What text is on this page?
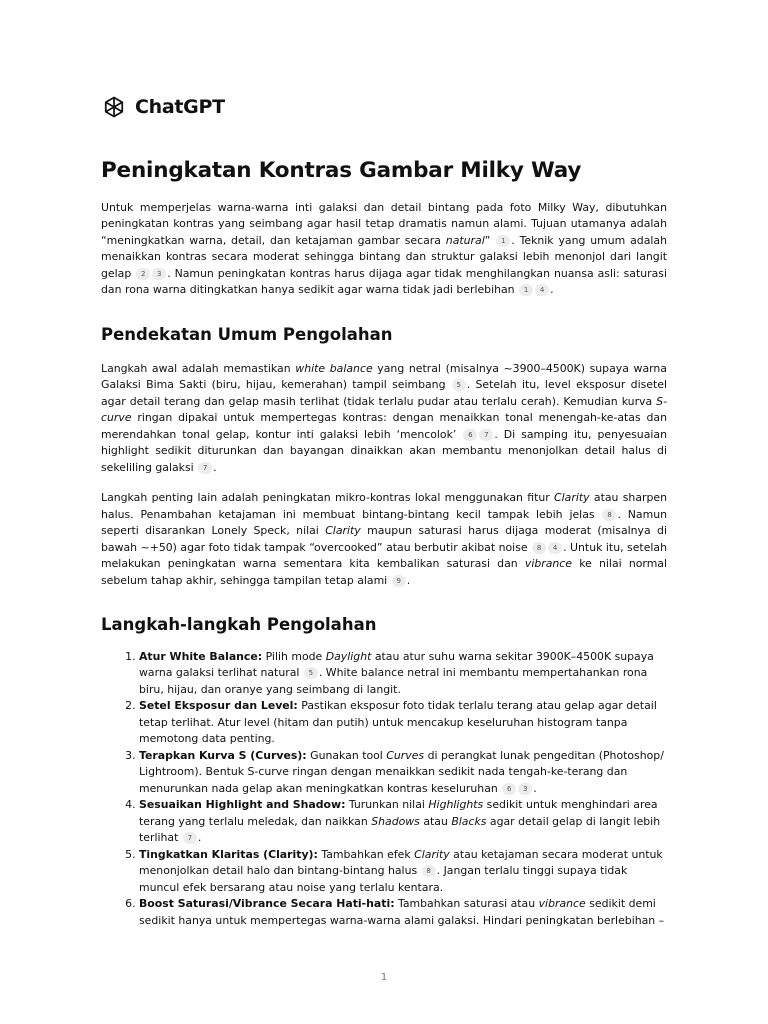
ChatGPT
Peningkatan Kontras Gambar Milky Way

Untuk memperjelas warna-warna inti galaksi dan detail bintang pada foto Milky Way, dibutuhkan peningkatan kontras yang seimbang agar hasil tetap dramatis namun alami. Tujuan utamanya adalah “meningkatkan warna, detail, dan ketajaman gambar secara natural” 1 . Teknik yang umum adalah menaikkan kontras secara moderat sehingga bintang dan struktur galaksi lebih menonjol dari langit gelap 2 3 . Namun peningkatan kontras harus dijaga agar tidak menghilangkan nuansa asli: saturasi dan rona warna ditingkatkan hanya sedikit agar warna tidak jadi berlebihan 1 4 .

Pendekatan Umum Pengolahan

Langkah awal adalah memastikan white balance yang netral (misalnya ~3900–4500K) supaya warna Galaksi Bima Sakti (biru, hijau, kemerahan) tampil seimbang 5 . Setelah itu, level eksposur disetel agar detail terang dan gelap masih terlihat (tidak terlalu pudar atau terlalu cerah). Kemudian kurva S-curve ringan dipakai untuk mempertegas kontras: dengan menaikkan tonal menengah-ke-atas dan merendahkan tonal gelap, kontur inti galaksi lebih ‘mencolok’ 6 7 . Di samping itu, penyesuaian highlight sedikit diturunkan dan bayangan dinaikkan akan membantu menonjolkan detail halus di sekeliling galaksi 7 .

Langkah penting lain adalah peningkatan mikro-kontras lokal menggunakan fitur Clarity atau sharpen halus. Penambahan ketajaman ini membuat bintang-bintang kecil tampak lebih jelas 8 . Namun seperti disarankan Lonely Speck, nilai Clarity maupun saturasi harus dijaga moderat (misalnya di bawah ~+50) agar foto tidak tampak “overcooked” atau berbutir akibat noise 8 4 . Untuk itu, setelah melakukan peningkatan warna sementara kita kembalikan saturasi dan vibrance ke nilai normal sebelum tahap akhir, sehingga tampilan tetap alami 9 .

Langkah-langkah Pengolahan
1. Atur White Balance: Pilih mode Daylight atau atur suhu warna sekitar 3900K–4500K supaya warna galaksi terlihat natural 5 . White balance netral ini membantu mempertahankan rona biru, hijau, dan oranye yang seimbang di langit.
2. Setel Eksposur dan Level: Pastikan eksposur foto tidak terlalu terang atau gelap agar detail tetap terlihat. Atur level (hitam dan putih) untuk mencakup keseluruhan histogram tanpa memotong data penting.
3. Terapkan Kurva S (Curves): Gunakan tool Curves di perangkat lunak pengeditan (Photoshop/ Lightroom). Bentuk S-curve ringan dengan menaikkan sedikit nada tengah-ke-terang dan menurunkan nada gelap akan meningkatkan kontras keseluruhan 6 3 .
4. Sesuaikan Highlight and Shadow: Turunkan nilai Highlights sedikit untuk menghindari area terang yang terlalu meledak, dan naikkan Shadows atau Blacks agar detail gelap di langit lebih terlihat 7 .
5. Tingkatkan Klaritas (Clarity): Tambahkan efek Clarity atau ketajaman secara moderat untuk menonjolkan detail halo dan bintang-bintang halus 8 . Jangan terlalu tinggi supaya tidak muncul efek bersarang atau noise yang terlalu kentara.
6. Boost Saturasi/Vibrance Secara Hati-hati: Tambahkan saturasi atau vibrance sedikit demi sedikit hanya untuk mempertegas warna-warna alami galaksi. Hindari peningkatan berlebihan –
1
